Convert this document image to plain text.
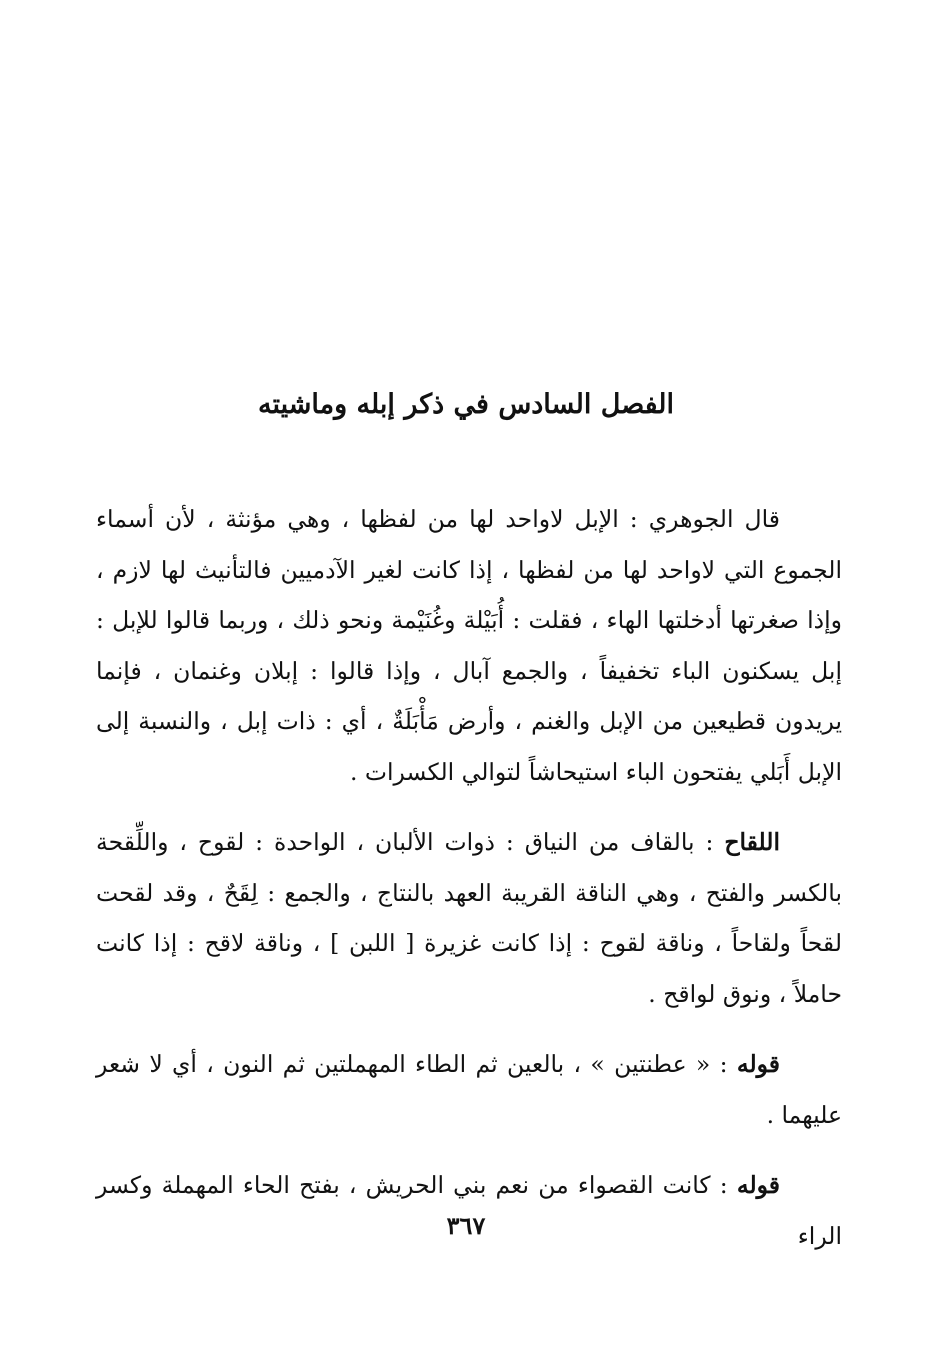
الفصل السادس في ذكر إبله وماشيته

قال الجوهري : الإبل لاواحد لها من لفظها ، وهي مؤنثة ، لأن أسماء الجموع التي لاواحد لها من لفظها ، إذا كانت لغير الآدميين فالتأنيث لها لازم ، وإذا صغرتها أدخلتها الهاء ، فقلت : أُبَيْلة وغُنَيْمة ونحو ذلك ، وربما قالوا للإبل : إبل يسكنون الباء تخفيفاً ، والجمع آبال ، وإذا قالوا : إبلان وغنمان ، فإنما يريدون قطيعين من الإبل والغنم ، وأرض مَأْبَلَةٌ ، أي : ذات إبل ، والنسبة إلى الإبل أَبَلي يفتحون الباء استيحاشاً لتوالي الكسرات .

اللقاح : بالقاف من النياق : ذوات الألبان ، الواحدة : لقوح ، واللِّقحة بالكسر والفتح ، وهي الناقة القريبة العهد بالنتاج ، والجمع : لِقَحٌ ، وقد لقحت لقحاً ولقاحاً ، وناقة لقوح : إذا كانت غزيرة [ اللبن ] ، وناقة لاقح : إذا كانت حاملاً ، ونوق لواقح .

قوله : « عطنتين » ، بالعين ثم الطاء المهملتين ثم النون ، أي لا شعر عليهما .

قوله : كانت القصواء من نعم بني الحريش ، بفتح الحاء المهملة وكسر الراء

٣٦٧
